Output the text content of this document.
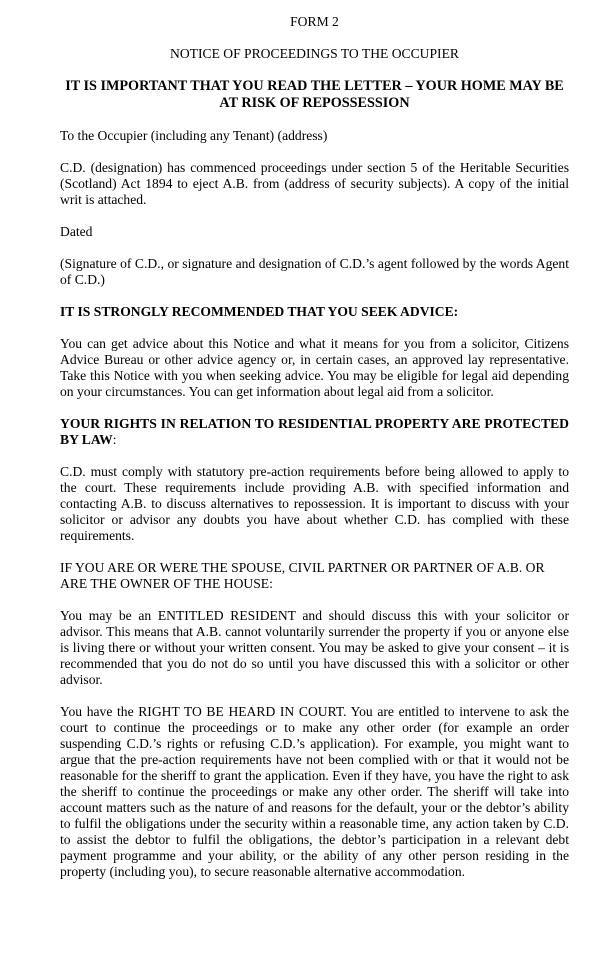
FORM 2

NOTICE OF PROCEEDINGS TO THE OCCUPIER

IT IS IMPORTANT THAT YOU READ THE LETTER – YOUR HOME MAY BE AT RISK OF REPOSSESSION

To the Occupier (including any Tenant) (address)

C.D. (designation) has commenced proceedings under section 5 of the Heritable Securities (Scotland) Act 1894 to eject A.B. from (address of security subjects). A copy of the initial writ is attached.

Dated

(Signature of C.D., or signature and designation of C.D.’s agent followed by the words Agent of C.D.)

IT IS STRONGLY RECOMMENDED THAT YOU SEEK ADVICE:

You can get advice about this Notice and what it means for you from a solicitor, Citizens Advice Bureau or other advice agency or, in certain cases, an approved lay representative. Take this Notice with you when seeking advice. You may be eligible for legal aid depending on your circumstances. You can get information about legal aid from a solicitor.

YOUR RIGHTS IN RELATION TO RESIDENTIAL PROPERTY ARE PROTECTED BY LAW:

C.D. must comply with statutory pre-action requirements before being allowed to apply to the court. These requirements include providing A.B. with specified information and contacting A.B. to discuss alternatives to repossession. It is important to discuss with your solicitor or advisor any doubts you have about whether C.D. has complied with these requirements.

IF YOU ARE OR WERE THE SPOUSE, CIVIL PARTNER OR PARTNER OF A.B. OR ARE THE OWNER OF THE HOUSE:

You may be an ENTITLED RESIDENT and should discuss this with your solicitor or advisor. This means that A.B. cannot voluntarily surrender the property if you or anyone else is living there or without your written consent. You may be asked to give your consent – it is recommended that you do not do so until you have discussed this with a solicitor or other advisor.

You have the RIGHT TO BE HEARD IN COURT. You are entitled to intervene to ask the court to continue the proceedings or to make any other order (for example an order suspending C.D.’s rights or refusing C.D.’s application). For example, you might want to argue that the pre-action requirements have not been complied with or that it would not be reasonable for the sheriff to grant the application. Even if they have, you have the right to ask the sheriff to continue the proceedings or make any other order. The sheriff will take into account matters such as the nature of and reasons for the default, your or the debtor’s ability to fulfil the obligations under the security within a reasonable time, any action taken by C.D. to assist the debtor to fulfil the obligations, the debtor’s participation in a relevant debt payment programme and your ability, or the ability of any other person residing in the property (including you), to secure reasonable alternative accommodation.
